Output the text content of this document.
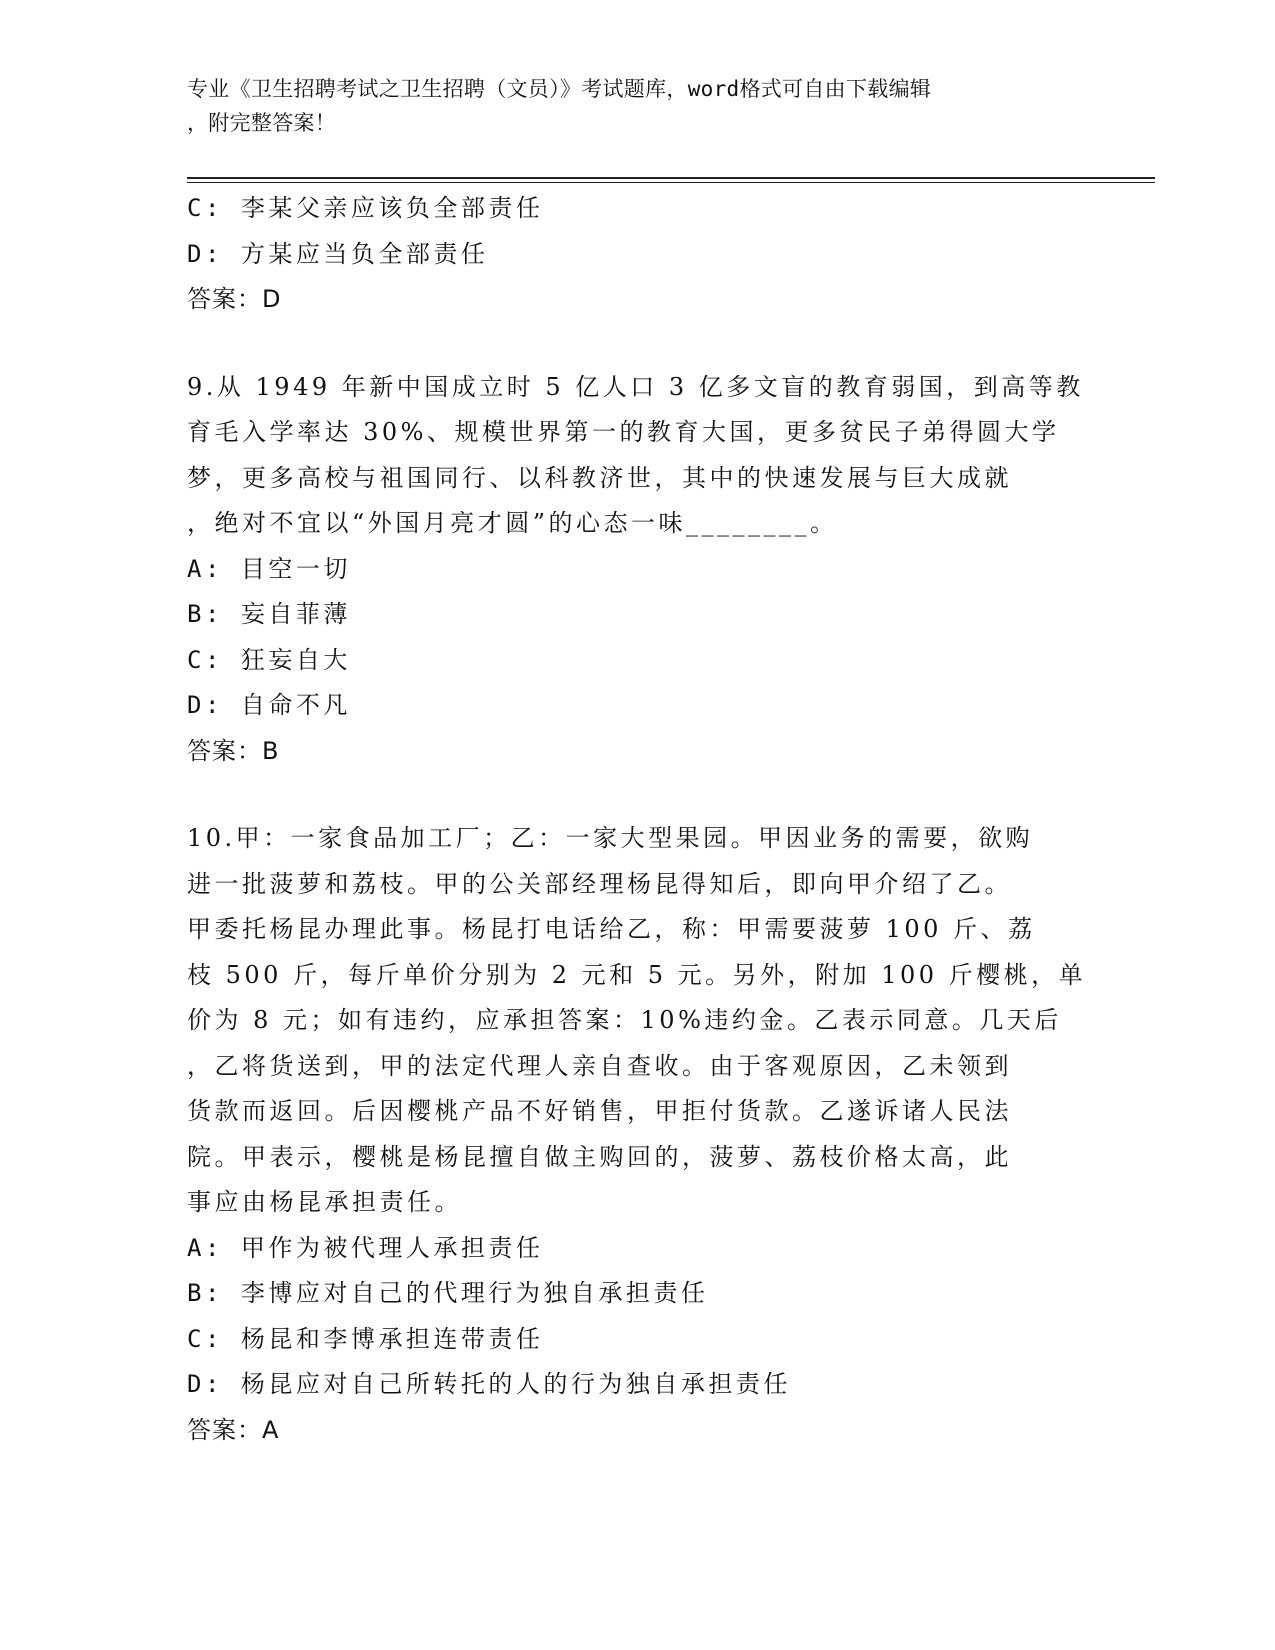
专业《卫生招聘考试之卫生招聘（文员）》考试题库，word格式可自由下载编辑
，附完整答案！
C: 李某父亲应该负全部责任
D: 方某应当负全部责任
答案：D
9.从 1949 年新中国成立时 5 亿人口 3 亿多文盲的教育弱国，到高等教
育毛入学率达 30%、规模世界第一的教育大国，更多贫民子弟得圆大学
梦，更多高校与祖国同行、以科教济世，其中的快速发展与巨大成就
，绝对不宜以“外国月亮才圆”的心态一味________。
A: 目空一切
B: 妄自菲薄
C: 狂妄自大
D: 自命不凡
答案：B
10.甲：一家食品加工厂；乙：一家大型果园。甲因业务的需要，欲购
进一批菠萝和荔枝。甲的公关部经理杨昆得知后，即向甲介绍了乙。
甲委托杨昆办理此事。杨昆打电话给乙，称：甲需要菠萝 100 斤、荔
枝 500 斤，每斤单价分别为 2 元和 5 元。另外，附加 100 斤樱桃，单
价为 8 元；如有违约，应承担答案：10%违约金。乙表示同意。几天后
，乙将货送到，甲的法定代理人亲自查收。由于客观原因，乙未领到
货款而返回。后因樱桃产品不好销售，甲拒付货款。乙遂诉诸人民法
院。甲表示，樱桃是杨昆擅自做主购回的，菠萝、荔枝价格太高，此
事应由杨昆承担责任。
A: 甲作为被代理人承担责任
B: 李博应对自己的代理行为独自承担责任
C: 杨昆和李博承担连带责任
D: 杨昆应对自己所转托的人的行为独自承担责任
答案：A
